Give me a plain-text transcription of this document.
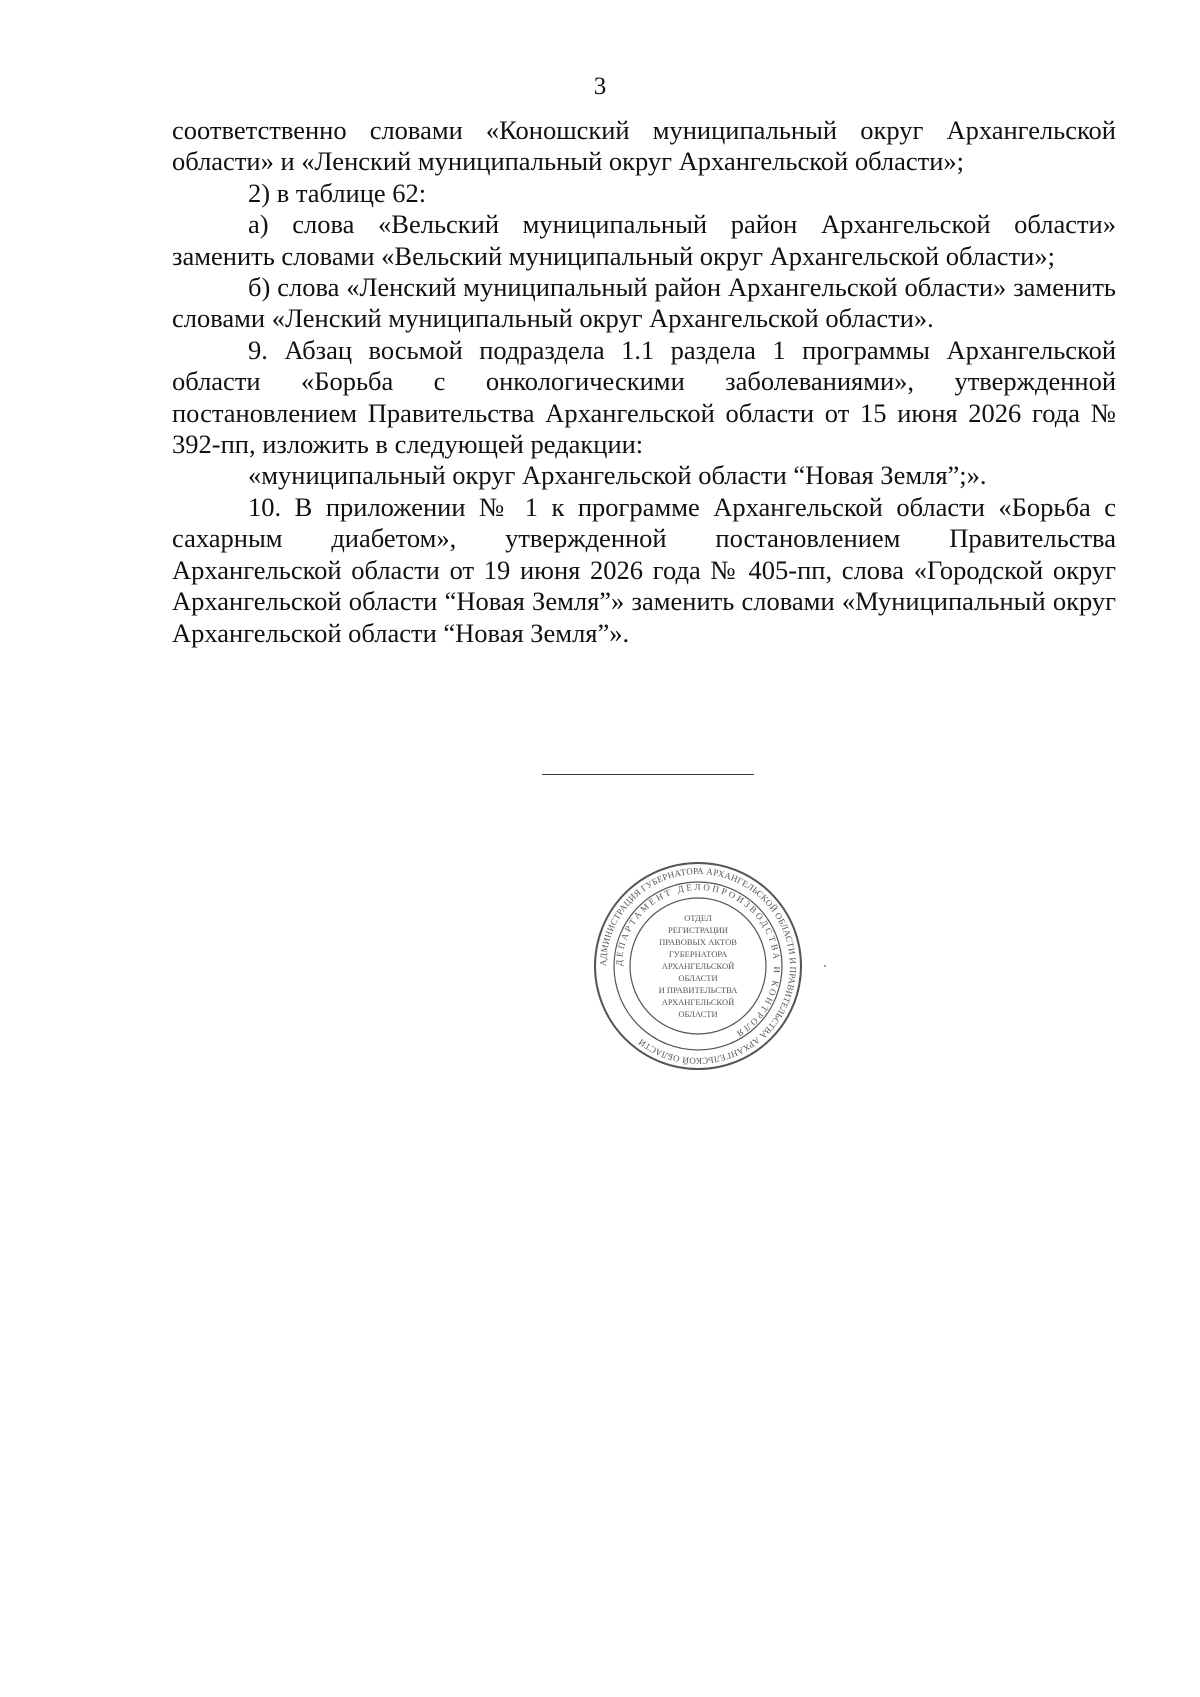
3

соответственно словами «Коношский муниципальный округ Архангельской области» и «Ленский муниципальный округ Архангельской области»;

2) в таблице 62:

а) слова «Вельский муниципальный район Архангельской области» заменить словами «Вельский муниципальный округ Архангельской области»;

б) слова «Ленский муниципальный район Архангельской области» заменить словами «Ленский муниципальный округ Архангельской области».

9. Абзац восьмой подраздела 1.1 раздела 1 программы Архангельской области «Борьба с онкологическими заболеваниями», утвержденной постановлением Правительства Архангельской области от 15 июня 2026 года № 392-пп, изложить в следующей редакции:

«муниципальный округ Архангельской области “Новая Земля”;».

10. В приложении № 1 к программе Архангельской области «Борьба с сахарным диабетом», утвержденной постановлением Правительства Архангельской области от 19 июня 2026 года № 405-пп, слова «Городской округ Архангельской области “Новая Земля”» заменить словами «Муниципальный округ Архангельской области “Новая Земля”».

АДМИНИСТРАЦИЯ ГУБЕРНАТОРА АРХАНГЕЛЬСКОЙ ОБЛАСТИ И ПРАВИТЕЛЬСТВА АРХАНГЕЛЬСКОЙ ОБЛАСТИ
ДЕПАРТАМЕНТ ДЕЛОПРОИЗВОДСТВА И КОНТРОЛЯ
ОТДЕЛ
РЕГИСТРАЦИИ
ПРАВОВЫХ АКТОВ
ГУБЕРНАТОРА
АРХАНГЕЛЬСКОЙ
ОБЛАСТИ
И ПРАВИТЕЛЬСТВА
АРХАНГЕЛЬСКОЙ
ОБЛАСТИ
